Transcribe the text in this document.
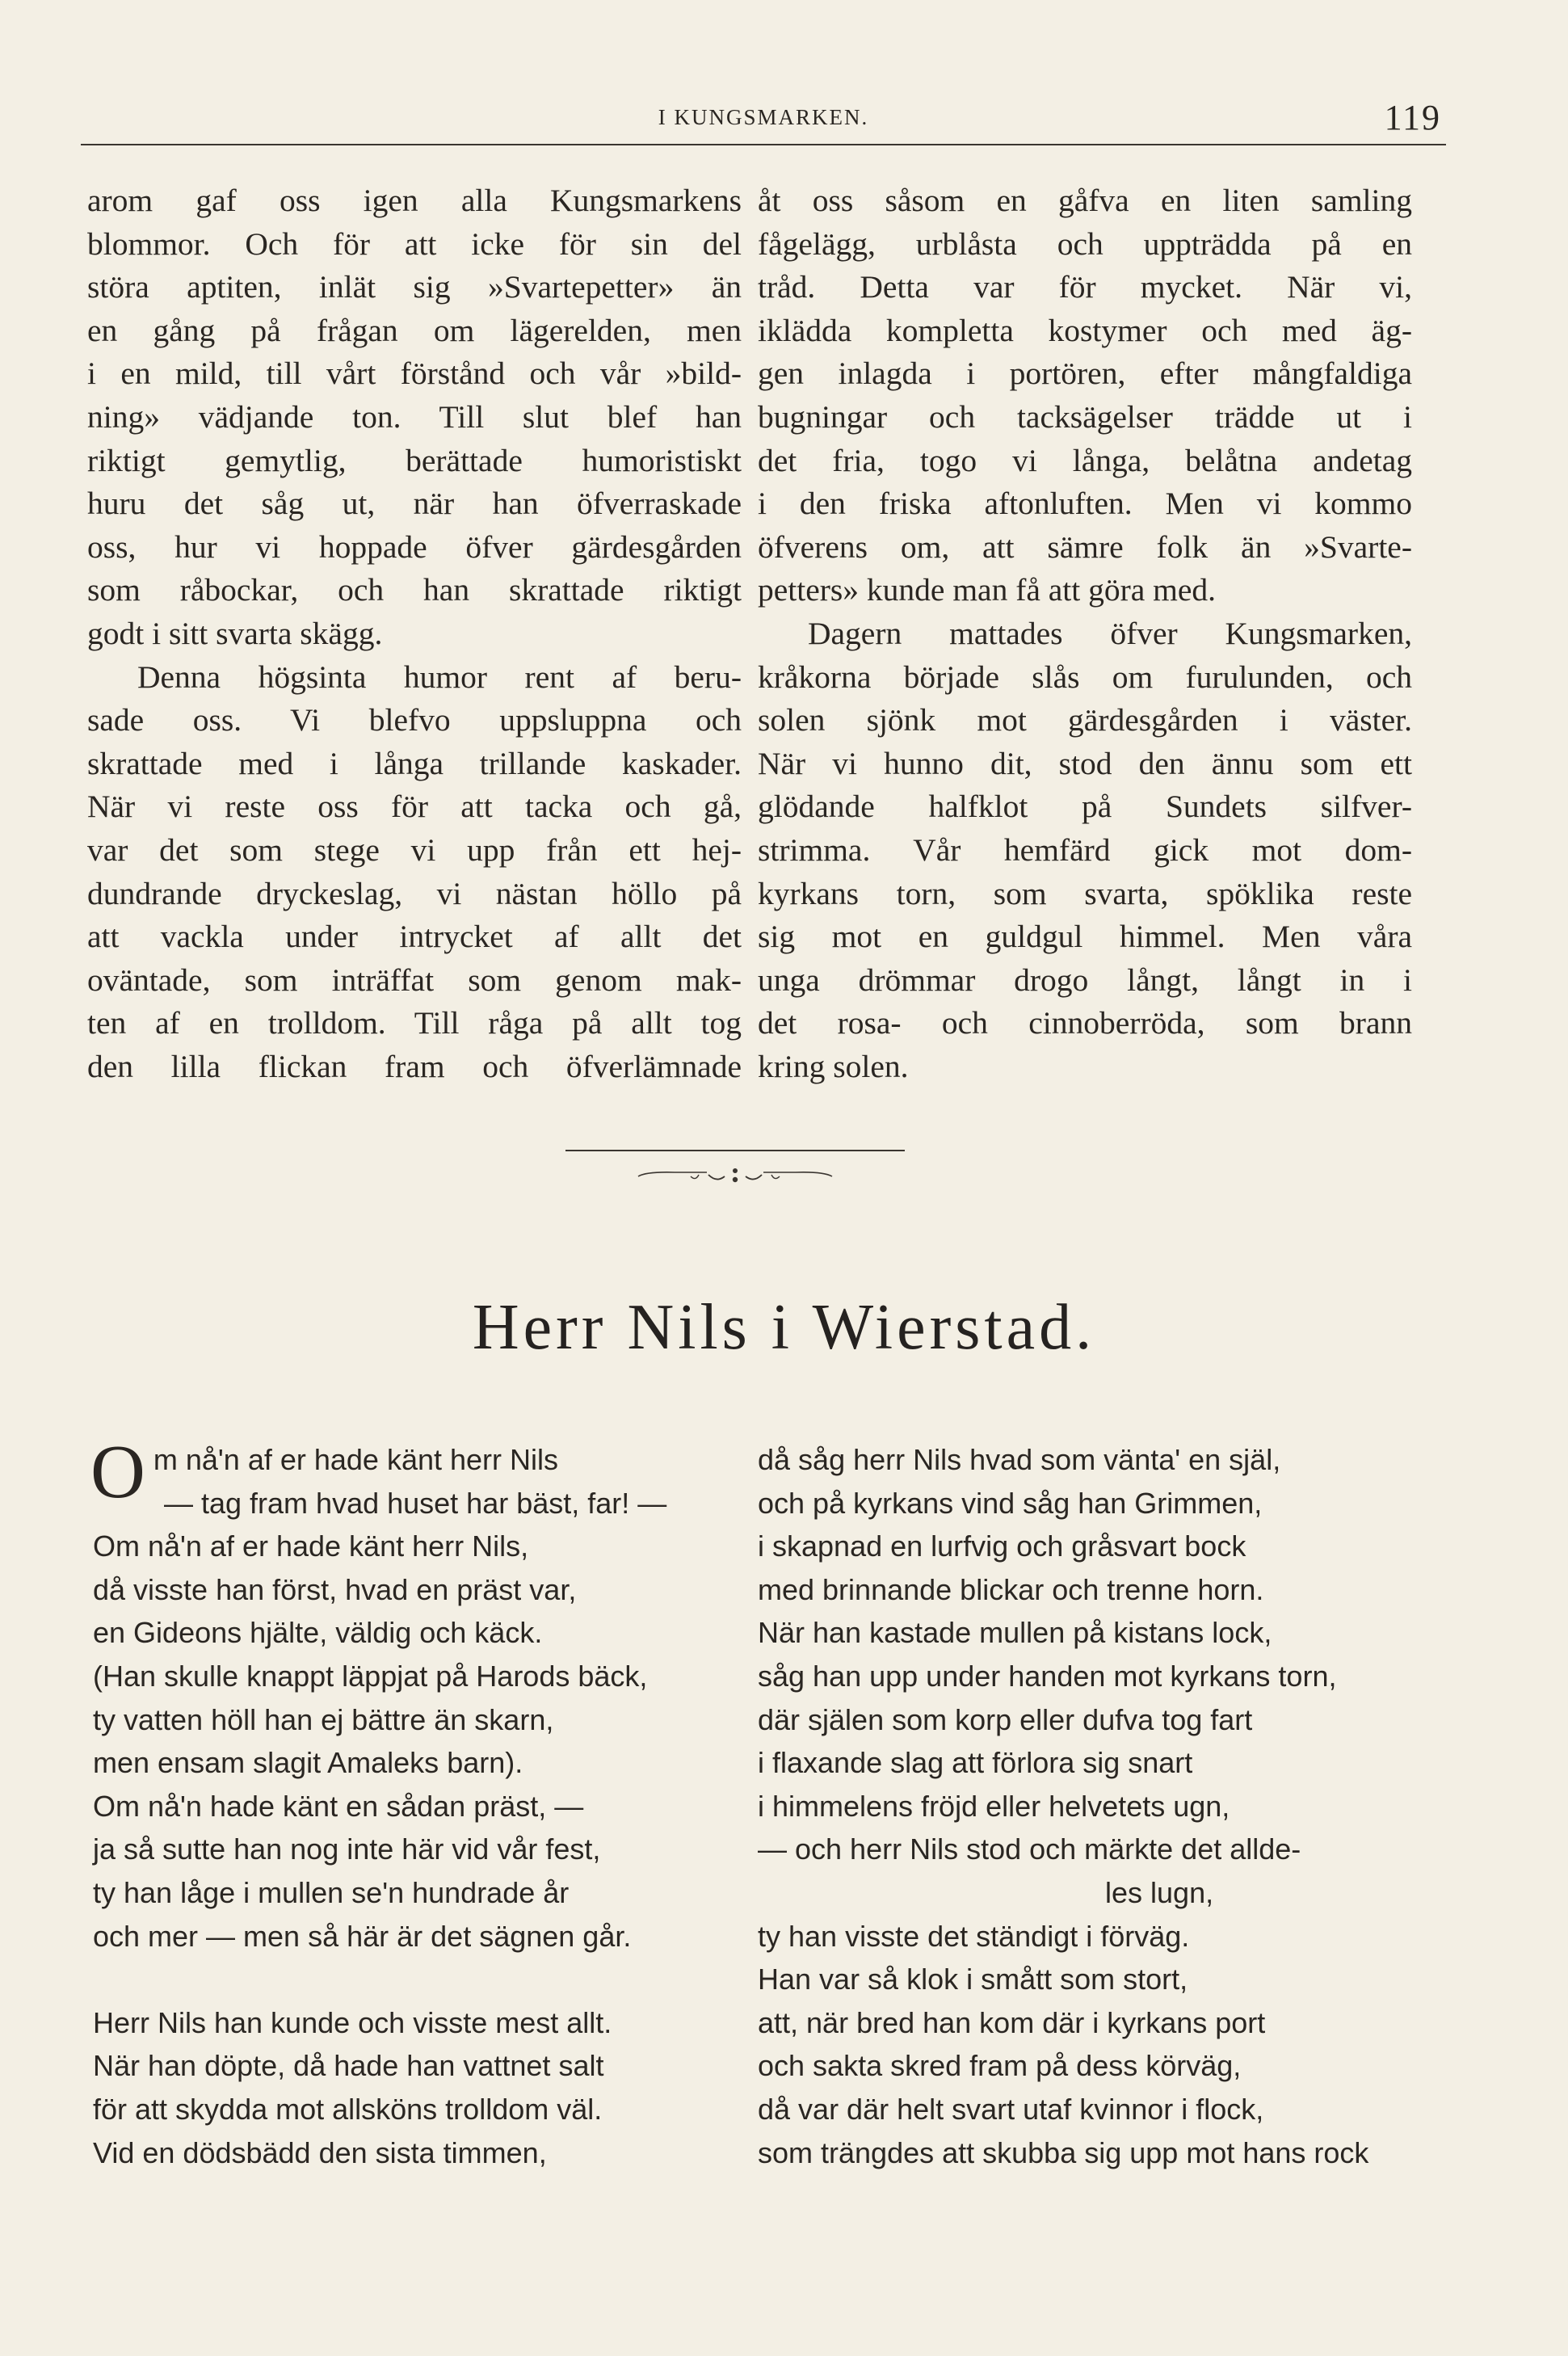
I KUNGSMARKEN.	119

arom gaf oss igen alla Kungsmarkens

blommor. Och för att icke för sin del

störa aptiten, inlät sig »Svartepetter» än

en gång på frågan om lägerelden, men

i en mild, till vårt förstånd och vår »bild-

ning» vädjande ton. Till slut blef han

riktigt gemytlig, berättade humoristiskt

huru det såg ut, när han öfverraskade

oss, hur vi hoppade öfver gärdesgården

som råbockar, och han skrattade riktigt

godt i sitt svarta skägg.

Denna högsinta humor rent af beru-

sade oss. Vi blefvo uppsluppna och

skrattade med i långa trillande kaskader.

När vi reste oss för att tacka och gå,

var det som stege vi upp från ett hej-

dundrande dryckeslag, vi nästan höllo på

att vackla under intrycket af allt det

oväntade, som inträffat som genom mak-

ten af en trolldom. Till råga på allt tog

den lilla flickan fram och öfverlämnade

åt oss såsom en gåfva en liten samling

fågelägg, urblåsta och uppträdda på en

tråd. Detta var för mycket. När vi,

iklädda kompletta kostymer och med äg-

gen inlagda i portören, efter mångfaldiga

bugningar och tacksägelser trädde ut i

det fria, togo vi långa, belåtna andetag

i den friska aftonluften. Men vi kommo

öfverens om, att sämre folk än »Svarte-

petters» kunde man få att göra med.

Dagern mattades öfver Kungsmarken,

kråkorna började slås om furulunden, och

solen sjönk mot gärdesgården i väster.

När vi hunno dit, stod den ännu som ett

glödande halfklot på Sundets silfver-

strimma. Vår hemfärd gick mot dom-

kyrkans torn, som svarta, spöklika reste

sig mot en guldgul himmel. Men våra

unga drömmar drogo långt, långt in i

det rosa- och cinnoberröda, som brann

kring solen.

Herr Nils i Wierstad.
O m nå'n af er hade känt herr Nils
— tag fram hvad huset har bäst, far! —
Om nå'n af er hade känt herr Nils,
då visste han först, hvad en präst var,
en Gideons hjälte, väldig och käck.
(Han skulle knappt läppjat på Harods bäck,
ty vatten höll han ej bättre än skarn,
men ensam slagit Amaleks barn).
Om nå'n hade känt en sådan präst, —
ja så sutte han nog inte här vid vår fest,
ty han låge i mullen se'n hundrade år
och mer — men så här är det sägnen går.
Herr Nils han kunde och visste mest allt.
När han döpte, då hade han vattnet salt
för att skydda mot allsköns trolldom väl.
Vid en dödsbädd den sista timmen,
då såg herr Nils hvad som vänta' en själ,
och på kyrkans vind såg han Grimmen,
i skapnad en lurfvig och gråsvart bock
med brinnande blickar och trenne horn.
När han kastade mullen på kistans lock,
såg han upp under handen mot kyrkans torn,
där själen som korp eller dufva tog fart
i flaxande slag att förlora sig snart
i himmelens fröjd eller helvetets ugn,
— och herr Nils stod och märkte det allde-
les lugn,
ty han visste det ständigt i förväg.
Han var så klok i smått som stort,
att, när bred han kom där i kyrkans port
och sakta skred fram på dess körväg,
då var där helt svart utaf kvinnor i flock,
som trängdes att skubba sig upp mot hans rock
